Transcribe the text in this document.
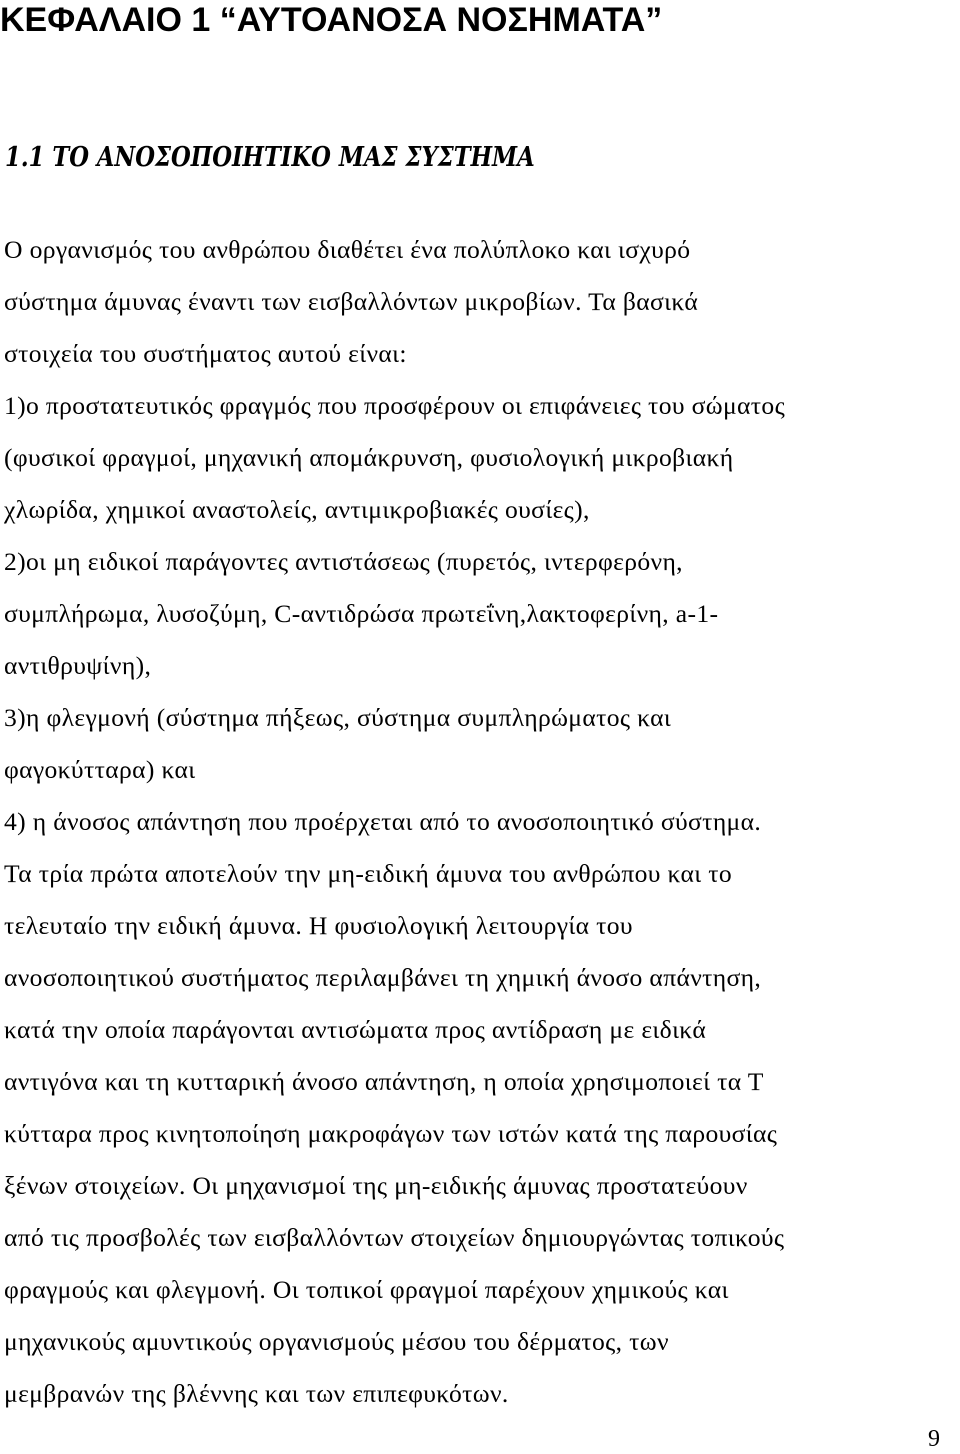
ΚΕΦΑΛΑΙΟ 1 “ΑΥΤΟΑΝΟΣΑ ΝΟΣΗΜΑΤΑ”
1.1 ΤΟ ΑΝΟΣΟΠΟΙΗΤΙΚΟ ΜΑΣ ΣΥΣΤΗΜΑ

Ο οργανισμός του ανθρώπου διαθέτει ένα πολύπλοκο και ισχυρό

σύστημα άμυνας έναντι των εισβαλλόντων μικροβίων. Τα βασικά

στοιχεία του συστήματος αυτού είναι:

1)ο προστατευτικός φραγμός που προσφέρουν οι επιφάνειες του σώματος

(φυσικοί φραγμοί, μηχανική απομάκρυνση, φυσιολογική μικροβιακή

χλωρίδα, χημικοί αναστολείς, αντιμικροβιακές ουσίες),

2)οι μη ειδικοί παράγοντες αντιστάσεως (πυρετός, ιντερφερόνη,

συμπλήρωμα, λυσοζύμη, C-αντιδρώσα πρωτεΐνη,λακτοφερίνη, a-1-

αντιθρυψίνη),

3)η φλεγμονή (σύστημα πήξεως, σύστημα συμπληρώματος και

φαγοκύτταρα) και

4) η άνοσος απάντηση που προέρχεται από το ανοσοποιητικό σύστημα.

Τα τρία πρώτα αποτελούν την μη-ειδική άμυνα του ανθρώπου και το

τελευταίο την ειδική άμυνα. Η φυσιολογική λειτουργία του

ανοσοποιητικού συστήματος περιλαμβάνει τη χημική άνοσο απάντηση,

κατά την οποία παράγονται αντισώματα προς αντίδραση με ειδικά

αντιγόνα και τη κυτταρική άνοσο απάντηση, η οποία χρησιμοποιεί τα Τ

κύτταρα προς κινητοποίηση μακροφάγων των ιστών κατά της παρουσίας

ξένων στοιχείων. Οι μηχανισμοί της μη-ειδικής άμυνας προστατεύουν

από τις προσβολές των εισβαλλόντων στοιχείων δημιουργώντας τοπικούς

φραγμούς και φλεγμονή. Οι τοπικοί φραγμοί παρέχουν χημικούς και

μηχανικούς αμυντικούς οργανισμούς μέσου του δέρματος, των

μεμβρανών της βλέννης και των επιπεφυκότων.

9
